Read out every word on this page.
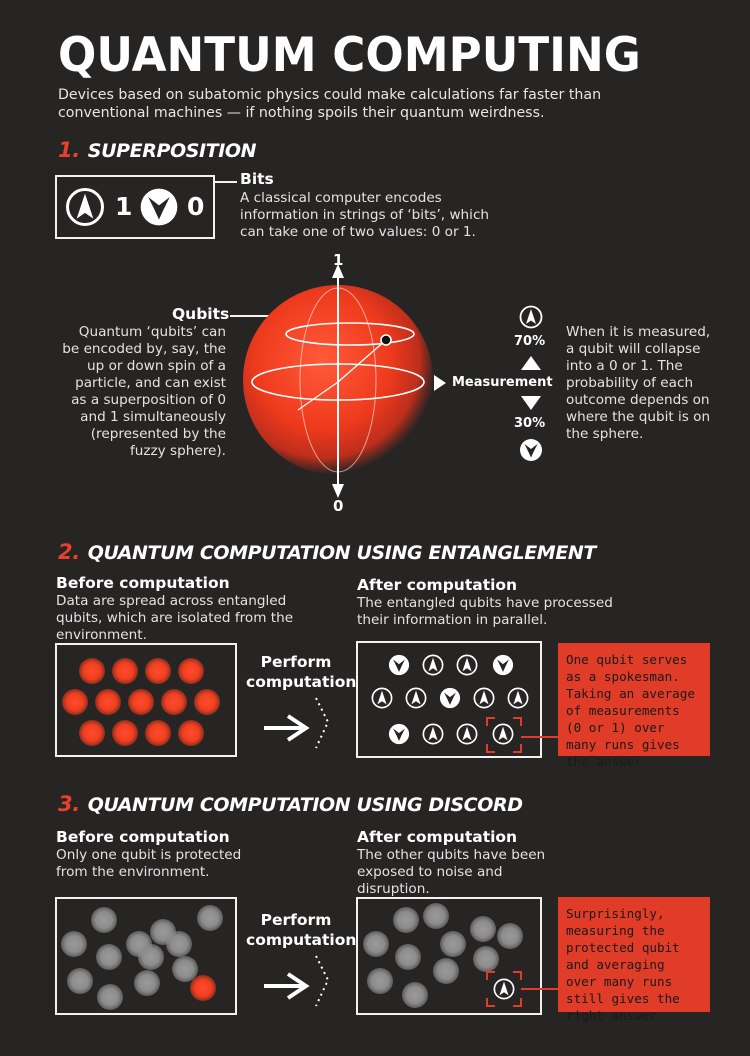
QUANTUM COMPUTING
Devices based on subatomic physics could make calculations far faster than conventional machines — if nothing spoils their quantum weirdness.
1. SUPERPOSITION
1 0
Bits
A classical computer encodes information in strings of ‘bits’, which can take one of two values: 0 or 1.
Qubits
Quantum ‘qubits’ can be encoded by, say, the up or down spin of a particle, and can exist as a superposition of 0 and 1 simultaneously (represented by the fuzzy sphere).
1
0
Measurement
70%
30%
When it is measured, a qubit will collapse into a 0 or 1. The probability of each outcome depends on where the qubit is on the sphere.
2. QUANTUM COMPUTATION USING ENTANGLEMENT
Before computation
Data are spread across entangled qubits, which are isolated from the environment.
After computation
The entangled qubits have processed their information in parallel.
Perform computation
One qubit serves as a spokesman. Taking an average of measurements (0 or 1) over many runs gives the answer.
3. QUANTUM COMPUTATION USING DISCORD
Before computation
Only one qubit is protected from the environment.
After computation
The other qubits have been exposed to noise and disruption.
Perform computation
Surprisingly, measuring the protected qubit and averaging over many runs still gives the right answer.
